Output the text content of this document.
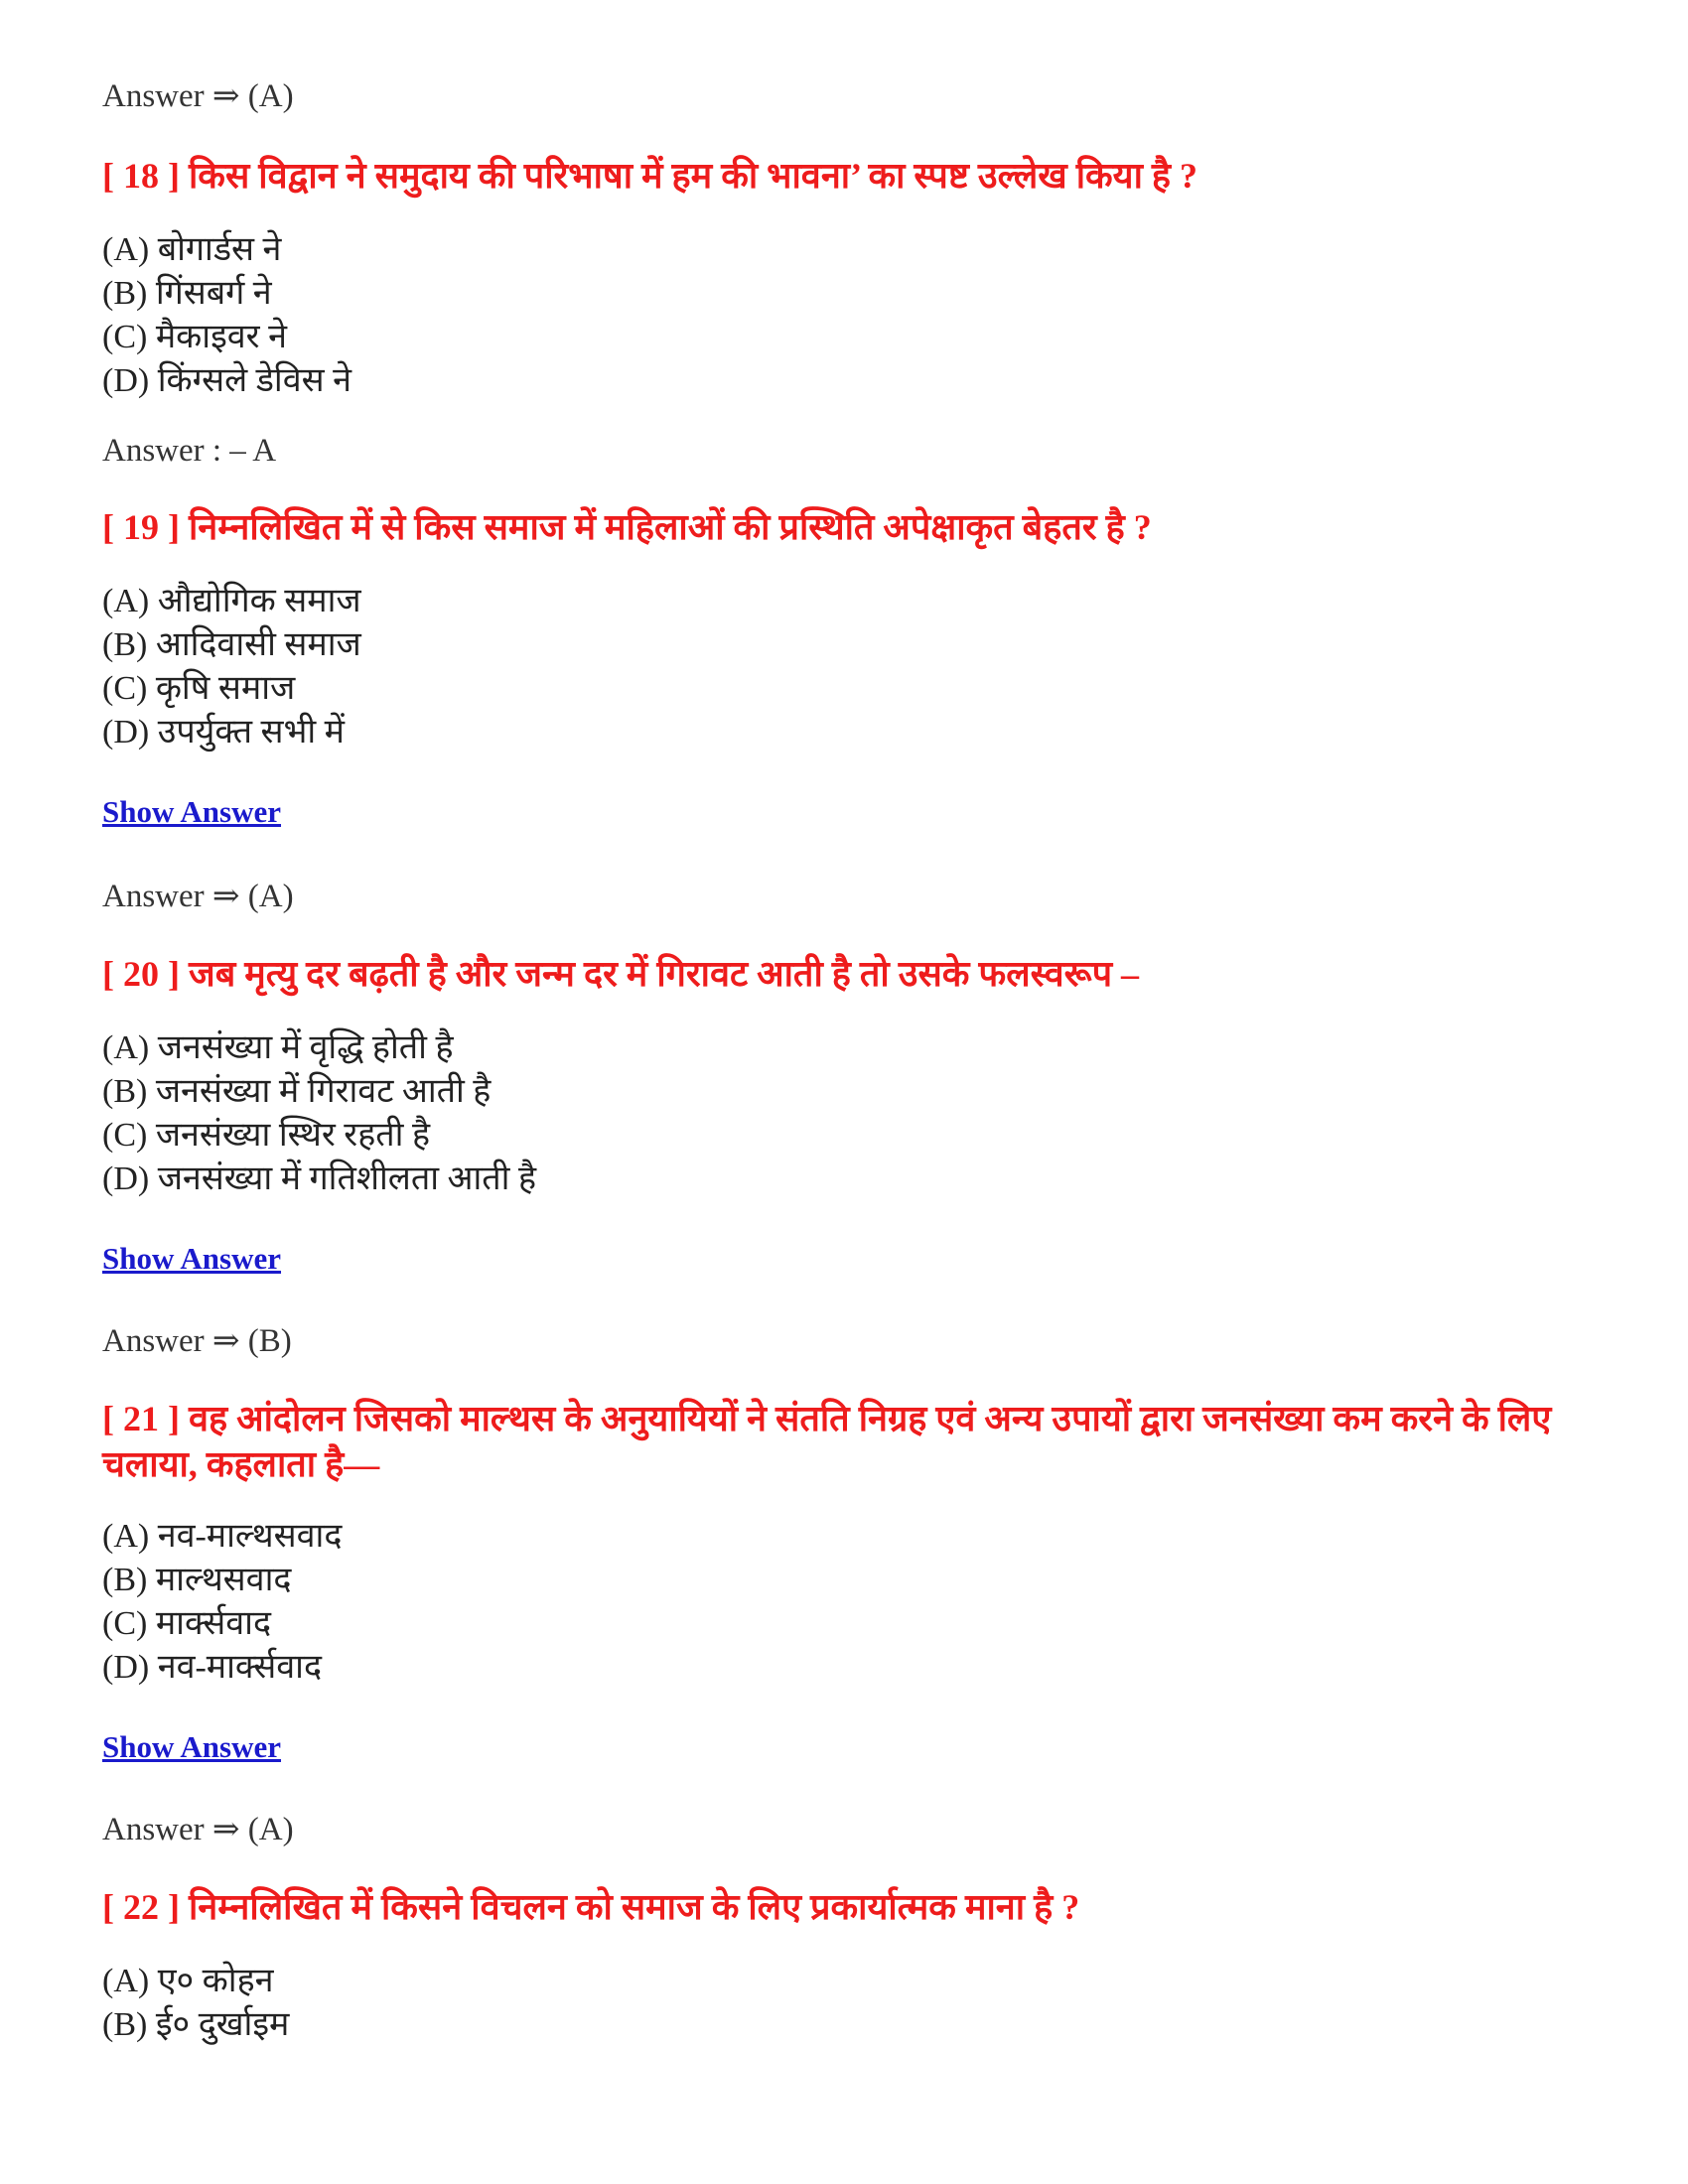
Answer ⇒ (A)
[ 18 ] किस विद्वान ने समुदाय की परिभाषा में हम की भावना’ का स्पष्ट उल्लेख किया है ?
(A) बोगार्डस ने
(B) गिंसबर्ग ने
(C) मैकाइवर ने
(D) किंग्सले डेविस ने
Answer : – A
[ 19 ] निम्नलिखित में से किस समाज में महिलाओं की प्रस्थिति अपेक्षाकृत बेहतर है ?
(A) औद्योगिक समाज
(B) आदिवासी समाज
(C) कृषि समाज
(D) उपर्युक्त सभी में
Show Answer
Answer ⇒ (A)
[ 20 ] जब मृत्यु दर बढ़ती है और जन्म दर में गिरावट आती है तो उसके फलस्वरूप –
(A) जनसंख्या में वृद्धि होती है
(B) जनसंख्या में गिरावट आती है
(C) जनसंख्या स्थिर रहती है
(D) जनसंख्या में गतिशीलता आती है
Show Answer
Answer ⇒ (B)
[ 21 ] वह आंदोलन जिसको माल्थस के अनुयायियों ने संतति निग्रह एवं अन्य उपायों द्वारा जनसंख्या कम करने के लिए चलाया, कहलाता है—
(A) नव-माल्थसवाद
(B) माल्थसवाद
(C) मार्क्सवाद
(D) नव-मार्क्सवाद
Show Answer
Answer ⇒ (A)
[ 22 ] निम्नलिखित में किसने विचलन को समाज के लिए प्रकार्यात्मक माना है ?
(A) ए० कोहन
(B) ई० दुर्खाइम
